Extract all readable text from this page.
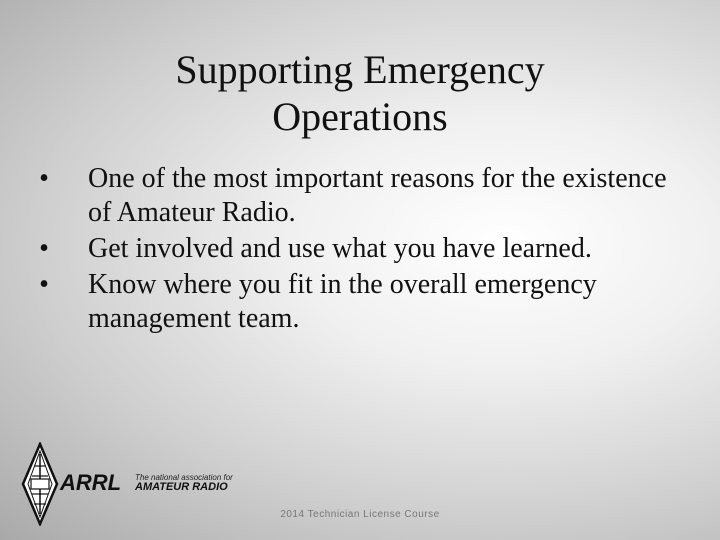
Supporting Emergency
Operations
• One of the most important reasons for the existence of Amateur Radio.
• Get involved and use what you have learned.
• Know where you fit in the overall emergency management team.
ARRL The national association for
AMATEUR RADIO
2014 Technician License Course
